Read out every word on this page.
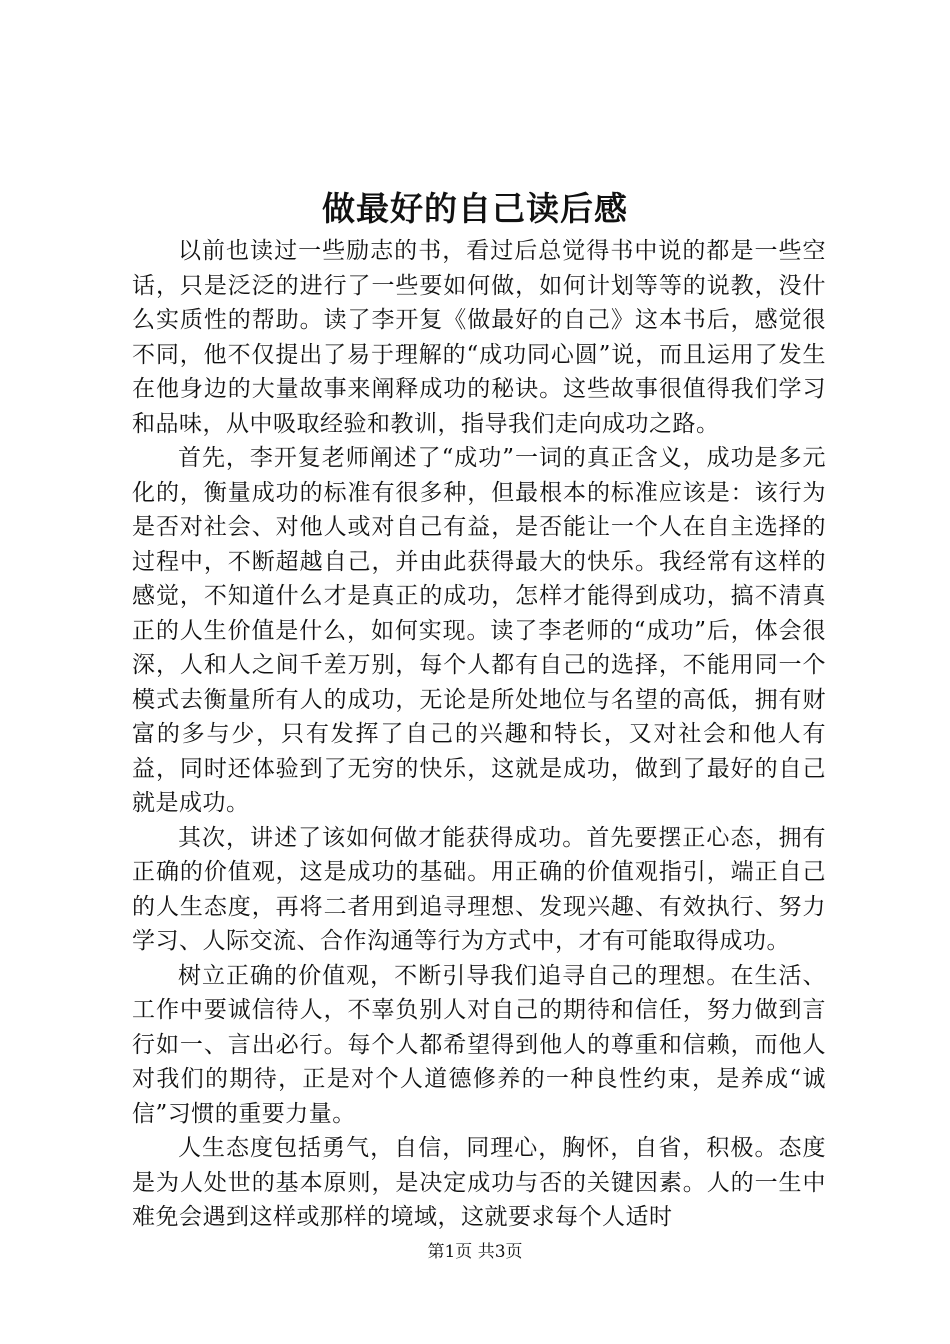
做最好的自己读后感

以前也读过一些励志的书，看过后总觉得书中说的都是一些空话，只是泛泛的进行了一些要如何做，如何计划等等的说教，没什么实质性的帮助。读了李开复《做最好的自己》这本书后，感觉很不同，他不仅提出了易于理解的“成功同心圆”说，而且运用了发生在他身边的大量故事来阐释成功的秘诀。这些故事很值得我们学习和品味，从中吸取经验和教训，指导我们走向成功之路。

首先，李开复老师阐述了“成功”一词的真正含义，成功是多元化的，衡量成功的标准有很多种，但最根本的标准应该是：该行为是否对社会、对他人或对自己有益，是否能让一个人在自主选择的过程中，不断超越自己，并由此获得最大的快乐。我经常有这样的感觉，不知道什么才是真正的成功，怎样才能得到成功，搞不清真正的人生价值是什么，如何实现。读了李老师的“成功”后，体会很深，人和人之间千差万别，每个人都有自己的选择，不能用同一个模式去衡量所有人的成功，无论是所处地位与名望的高低，拥有财富的多与少，只有发挥了自己的兴趣和特长，又对社会和他人有益，同时还体验到了无穷的快乐，这就是成功，做到了最好的自己就是成功。

其次，讲述了该如何做才能获得成功。首先要摆正心态，拥有正确的价值观，这是成功的基础。用正确的价值观指引，端正自己的人生态度，再将二者用到追寻理想、发现兴趣、有效执行、努力学习、人际交流、合作沟通等行为方式中，才有可能取得成功。

树立正确的价值观，不断引导我们追寻自己的理想。在生活、工作中要诚信待人，不辜负别人对自己的期待和信任，努力做到言行如一、言出必行。每个人都希望得到他人的尊重和信赖，而他人对我们的期待，正是对个人道德修养的一种良性约束，是养成“诚信”习惯的重要力量。

人生态度包括勇气，自信，同理心，胸怀，自省，积极。态度是为人处世的基本原则，是决定成功与否的关键因素。人的一生中难免会遇到这样或那样的境域，这就要求每个人适时

第1页 共3页
